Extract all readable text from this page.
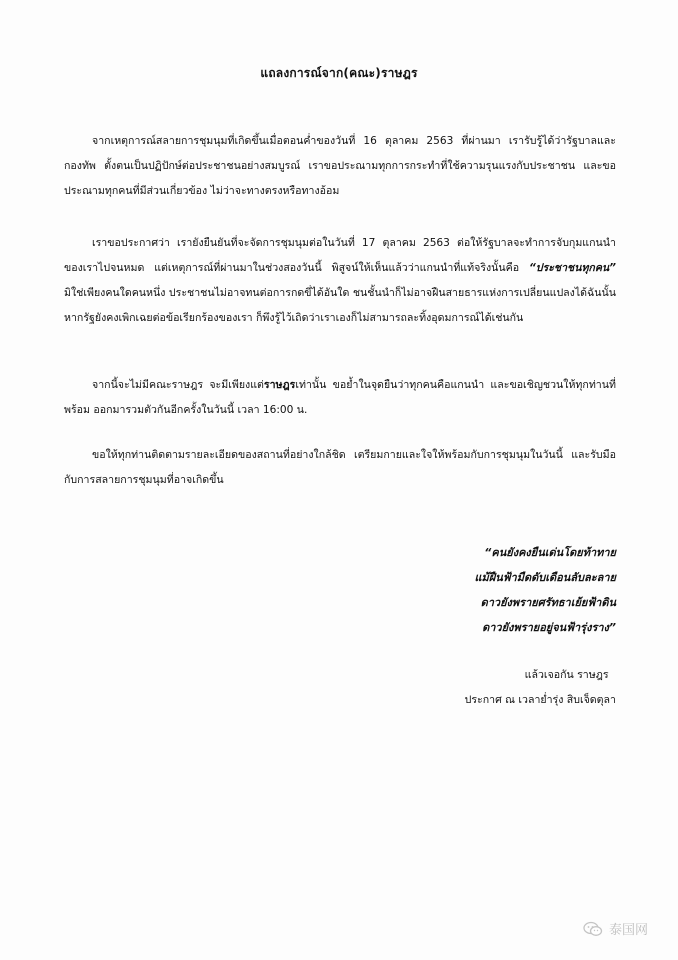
แถลงการณ์จาก(คณะ)ราษฎร
จากเหตุการณ์สลายการชุมนุมที่เกิดขึ้นเมื่อตอนค่ำของวันที่ 16 ตุลาคม 2563 ที่ผ่านมา เรารับรู้ได้ว่ารัฐบาลและกองทัพ ตั้งตนเป็นปฏิปักษ์ต่อประชาชนอย่างสมบูรณ์ เราขอประณามทุกการกระทำที่ใช้ความรุนแรงกับประชาชน และขอประณามทุกคนที่มีส่วนเกี่ยวข้อง ไม่ว่าจะทางตรงหรือทางอ้อม
เราขอประกาศว่า เรายังยืนยันที่จะจัดการชุมนุมต่อในวันที่ 17 ตุลาคม 2563 ต่อให้รัฐบาลจะทำการจับกุมแกนนำของเราไปจนหมด แต่เหตุการณ์ที่ผ่านมาในช่วงสองวันนี้ พิสูจน์ให้เห็นแล้วว่าแกนนำที่แท้จริงนั้นคือ “ประชาชนทุกคน” มิใช่เพียงคนใดคนหนึ่ง ประชาชนไม่อาจทนต่อการกดขี่ได้อันใด ชนชั้นนำก็ไม่อาจฝืนสายธารแห่งการเปลี่ยนแปลงได้ฉันนั้น หากรัฐยังคงเพิกเฉยต่อข้อเรียกร้องของเรา ก็พึงรู้ไว้เถิดว่าเราเองก็ไม่สามารถละทิ้งอุดมการณ์ได้เช่นกัน
จากนี้จะไม่มีคณะราษฎร จะมีเพียงแต่ราษฎรเท่านั้น ขอย้ำในจุดยืนว่าทุกคนคือแกนนำ และขอเชิญชวนให้ทุกท่านที่พร้อม ออกมารวมตัวกันอีกครั้งในวันนี้ เวลา 16:00 น.
ขอให้ทุกท่านติดตามรายละเอียดของสถานที่อย่างใกล้ชิด เตรียมกายและใจให้พร้อมกับการชุมนุมในวันนี้ และรับมือกับการสลายการชุมนุมที่อาจเกิดขึ้น
“คนยังคงยืนเด่นโดยท้าทาย
แม้ฝืนฟ้ามืดดับเดือนลับละลาย
ดาวยังพรายศรัทธาเย้ยฟ้าดิน
ดาวยังพรายอยู่จนฟ้ารุ่งราง”
แล้วเจอกัน ราษฎร
ประกาศ ณ เวลาย่ำรุ่ง สิบเจ็ดตุลา
泰国网
